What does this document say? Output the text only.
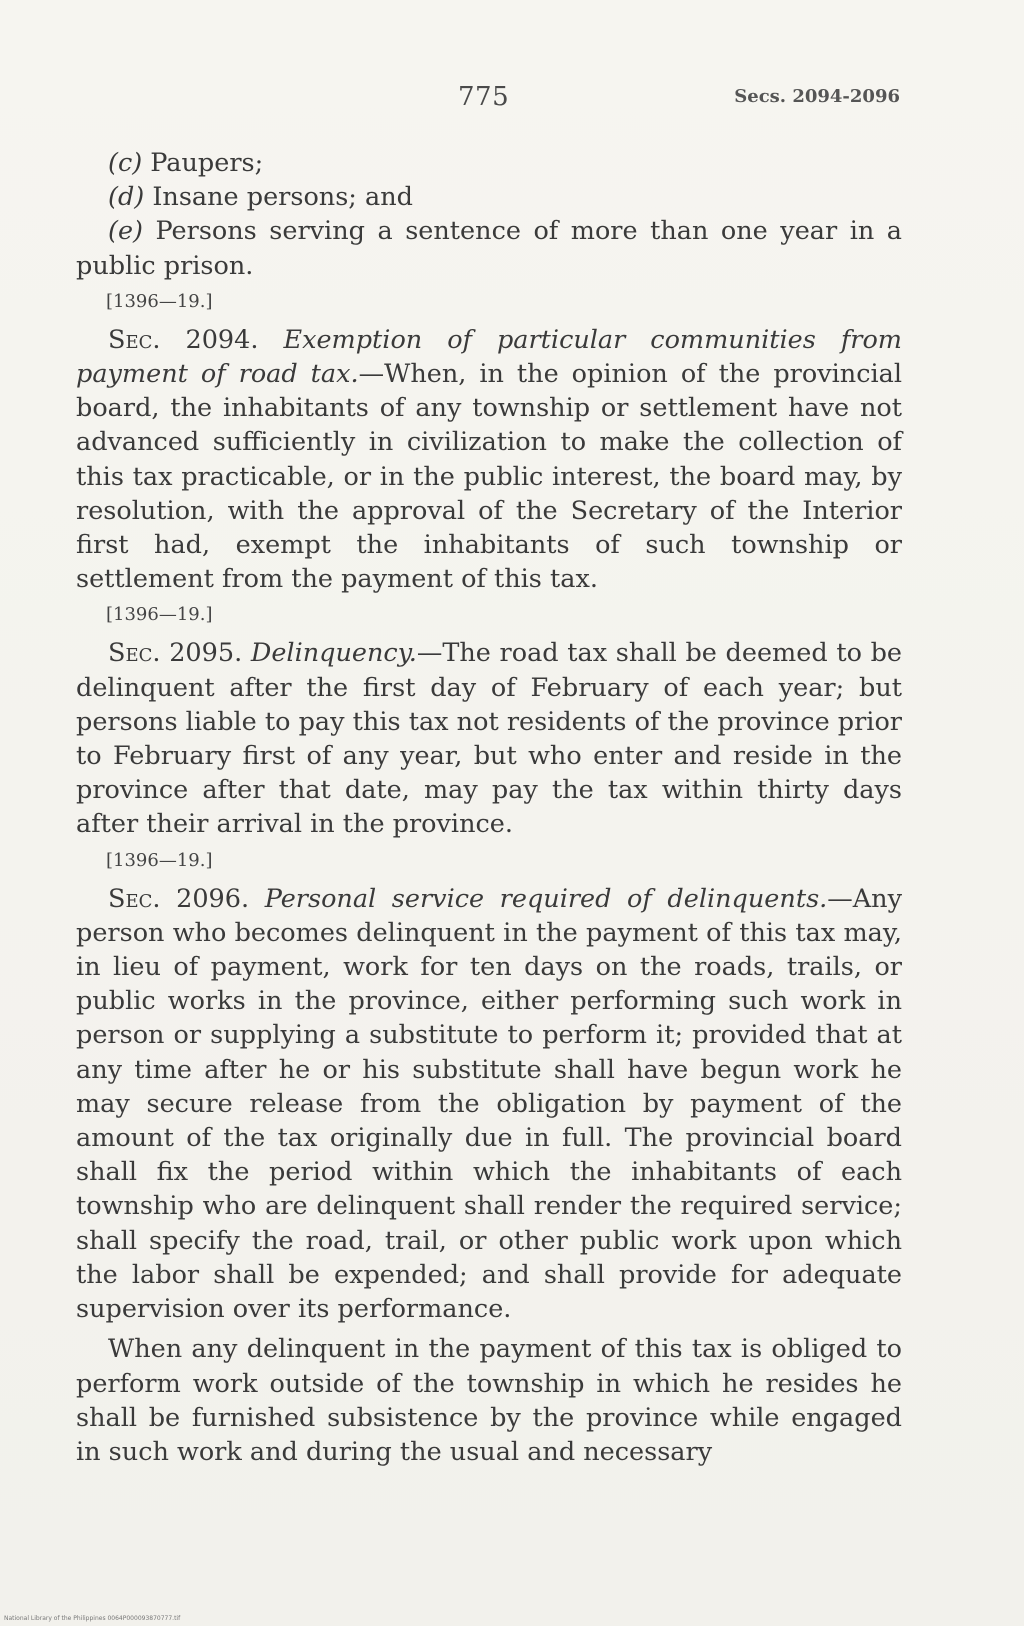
775	Secs. 2094-2096

(c) Paupers;

(d) Insane persons; and

(e) Persons serving a sentence of more than one year in a public prison.

[1396—19.]

Sec. 2094. Exemption of particular communities from payment of road tax.—When, in the opinion of the provincial board, the inhabitants of any township or settlement have not advanced sufficiently in civilization to make the collection of this tax practicable, or in the public interest, the board may, by resolution, with the approval of the Secretary of the Interior first had, exempt the inhabitants of such township or settlement from the payment of this tax.

[1396—19.]

Sec. 2095. Delinquency.—The road tax shall be deemed to be delinquent after the first day of February of each year; but persons liable to pay this tax not residents of the province prior to February first of any year, but who enter and reside in the province after that date, may pay the tax within thirty days after their arrival in the province.

[1396—19.]

Sec. 2096. Personal service required of delinquents.—Any person who becomes delinquent in the payment of this tax may, in lieu of payment, work for ten days on the roads, trails, or public works in the province, either performing such work in person or supplying a substitute to perform it; provided that at any time after he or his substitute shall have begun work he may secure release from the obligation by payment of the amount of the tax originally due in full. The provincial board shall fix the period within which the inhabitants of each township who are delinquent shall render the required service; shall specify the road, trail, or other public work upon which the labor shall be expended; and shall provide for adequate supervision over its performance.

When any delinquent in the payment of this tax is obliged to perform work outside of the township in which he resides he shall be furnished subsistence by the province while engaged in such work and during the usual and necessary

National Library of the Philippines 0064P000093870777.tif
